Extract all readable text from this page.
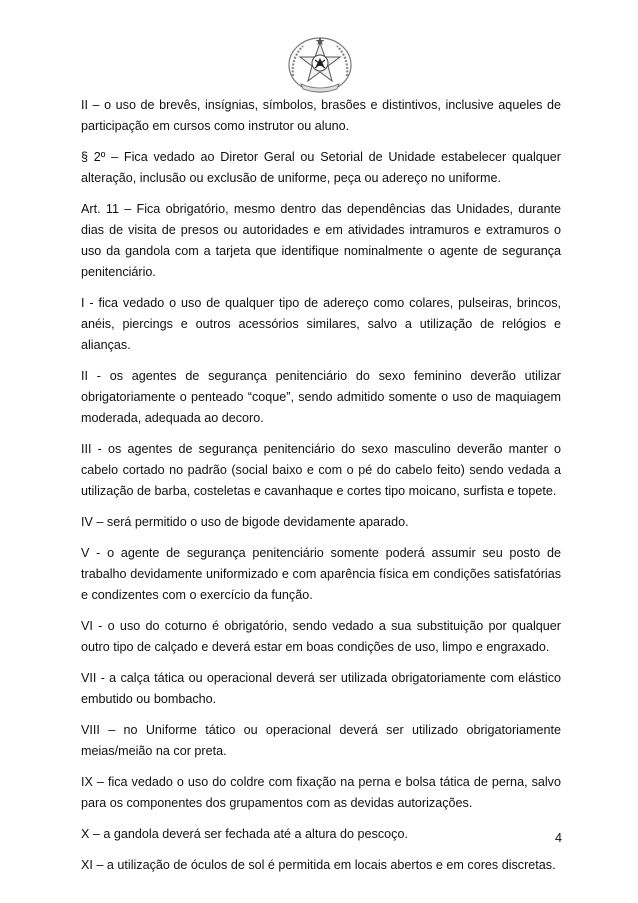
II – o uso de brevês, insígnias, símbolos, brasões e distintivos, inclusive aqueles de participação em cursos como instrutor ou aluno.

§ 2º – Fica vedado ao Diretor Geral ou Setorial de Unidade estabelecer qualquer alteração, inclusão ou exclusão de uniforme, peça ou adereço no uniforme.

Art. 11 – Fica obrigatório, mesmo dentro das dependências das Unidades, durante dias de visita de presos ou autoridades e em atividades intramuros e extramuros o uso da gandola com a tarjeta que identifique nominalmente o agente de segurança penitenciário.

I - fica vedado o uso de qualquer tipo de adereço como colares, pulseiras, brincos, anéis, piercings e outros acessórios similares, salvo a utilização de relógios e alianças.

II - os agentes de segurança penitenciário do sexo feminino deverão utilizar obrigatoriamente o penteado “coque”, sendo admitido somente o uso de maquiagem moderada, adequada ao decoro.

III - os agentes de segurança penitenciário do sexo masculino deverão manter o cabelo cortado no padrão (social baixo e com o pé do cabelo feito) sendo vedada a utilização de barba, costeletas e cavanhaque e cortes tipo moicano, surfista e topete.

IV – será permitido o uso de bigode devidamente aparado.

V - o agente de segurança penitenciário somente poderá assumir seu posto de trabalho devidamente uniformizado e com aparência física em condições satisfatórias e condizentes com o exercício da função.

VI - o uso do coturno é obrigatório, sendo vedado a sua substituição por qualquer outro tipo de calçado e deverá estar em boas condições de uso, limpo e engraxado.

VII - a calça tática ou operacional deverá ser utilizada obrigatoriamente com elástico embutido ou bombacho.

VIII – no Uniforme tático ou operacional deverá ser utilizado obrigatoriamente meias/meião na cor preta.

IX – fica vedado o uso do coldre com fixação na perna e bolsa tática de perna, salvo para os componentes dos grupamentos com as devidas autorizações.

X – a gandola deverá ser fechada até a altura do pescoço.

XI – a utilização de óculos de sol é permitida em locais abertos e em cores discretas.

4
